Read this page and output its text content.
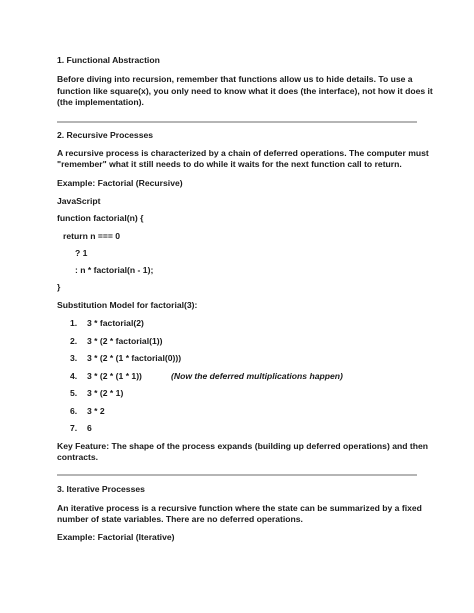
1. Functional Abstraction

Before diving into recursion, remember that functions allow us to hide details. To use a

function like square(x), you only need to know what it does (the interface), not how it does it

(the implementation).

2. Recursive Processes

A recursive process is characterized by a chain of deferred operations. The computer must

"remember" what it still needs to do while it waits for the next function call to return.

Example: Factorial (Recursive)

JavaScript

function factorial(n) {

return n === 0

? 1

: n * factorial(n - 1);

}

Substitution Model for factorial(3):

1. 3 * factorial(2)
2. 3 * (2 * factorial(1))
3. 3 * (2 * (1 * factorial(0)))
4. 3 * (2 * (1 * 1))	(Now the deferred multiplications happen)
5. 3 * (2 * 1)
6. 3 * 2
7. 6

Key Feature: The shape of the process expands (building up deferred operations) and then

contracts.

3. Iterative Processes

An iterative process is a recursive function where the state can be summarized by a fixed

number of state variables. There are no deferred operations.

Example: Factorial (Iterative)
